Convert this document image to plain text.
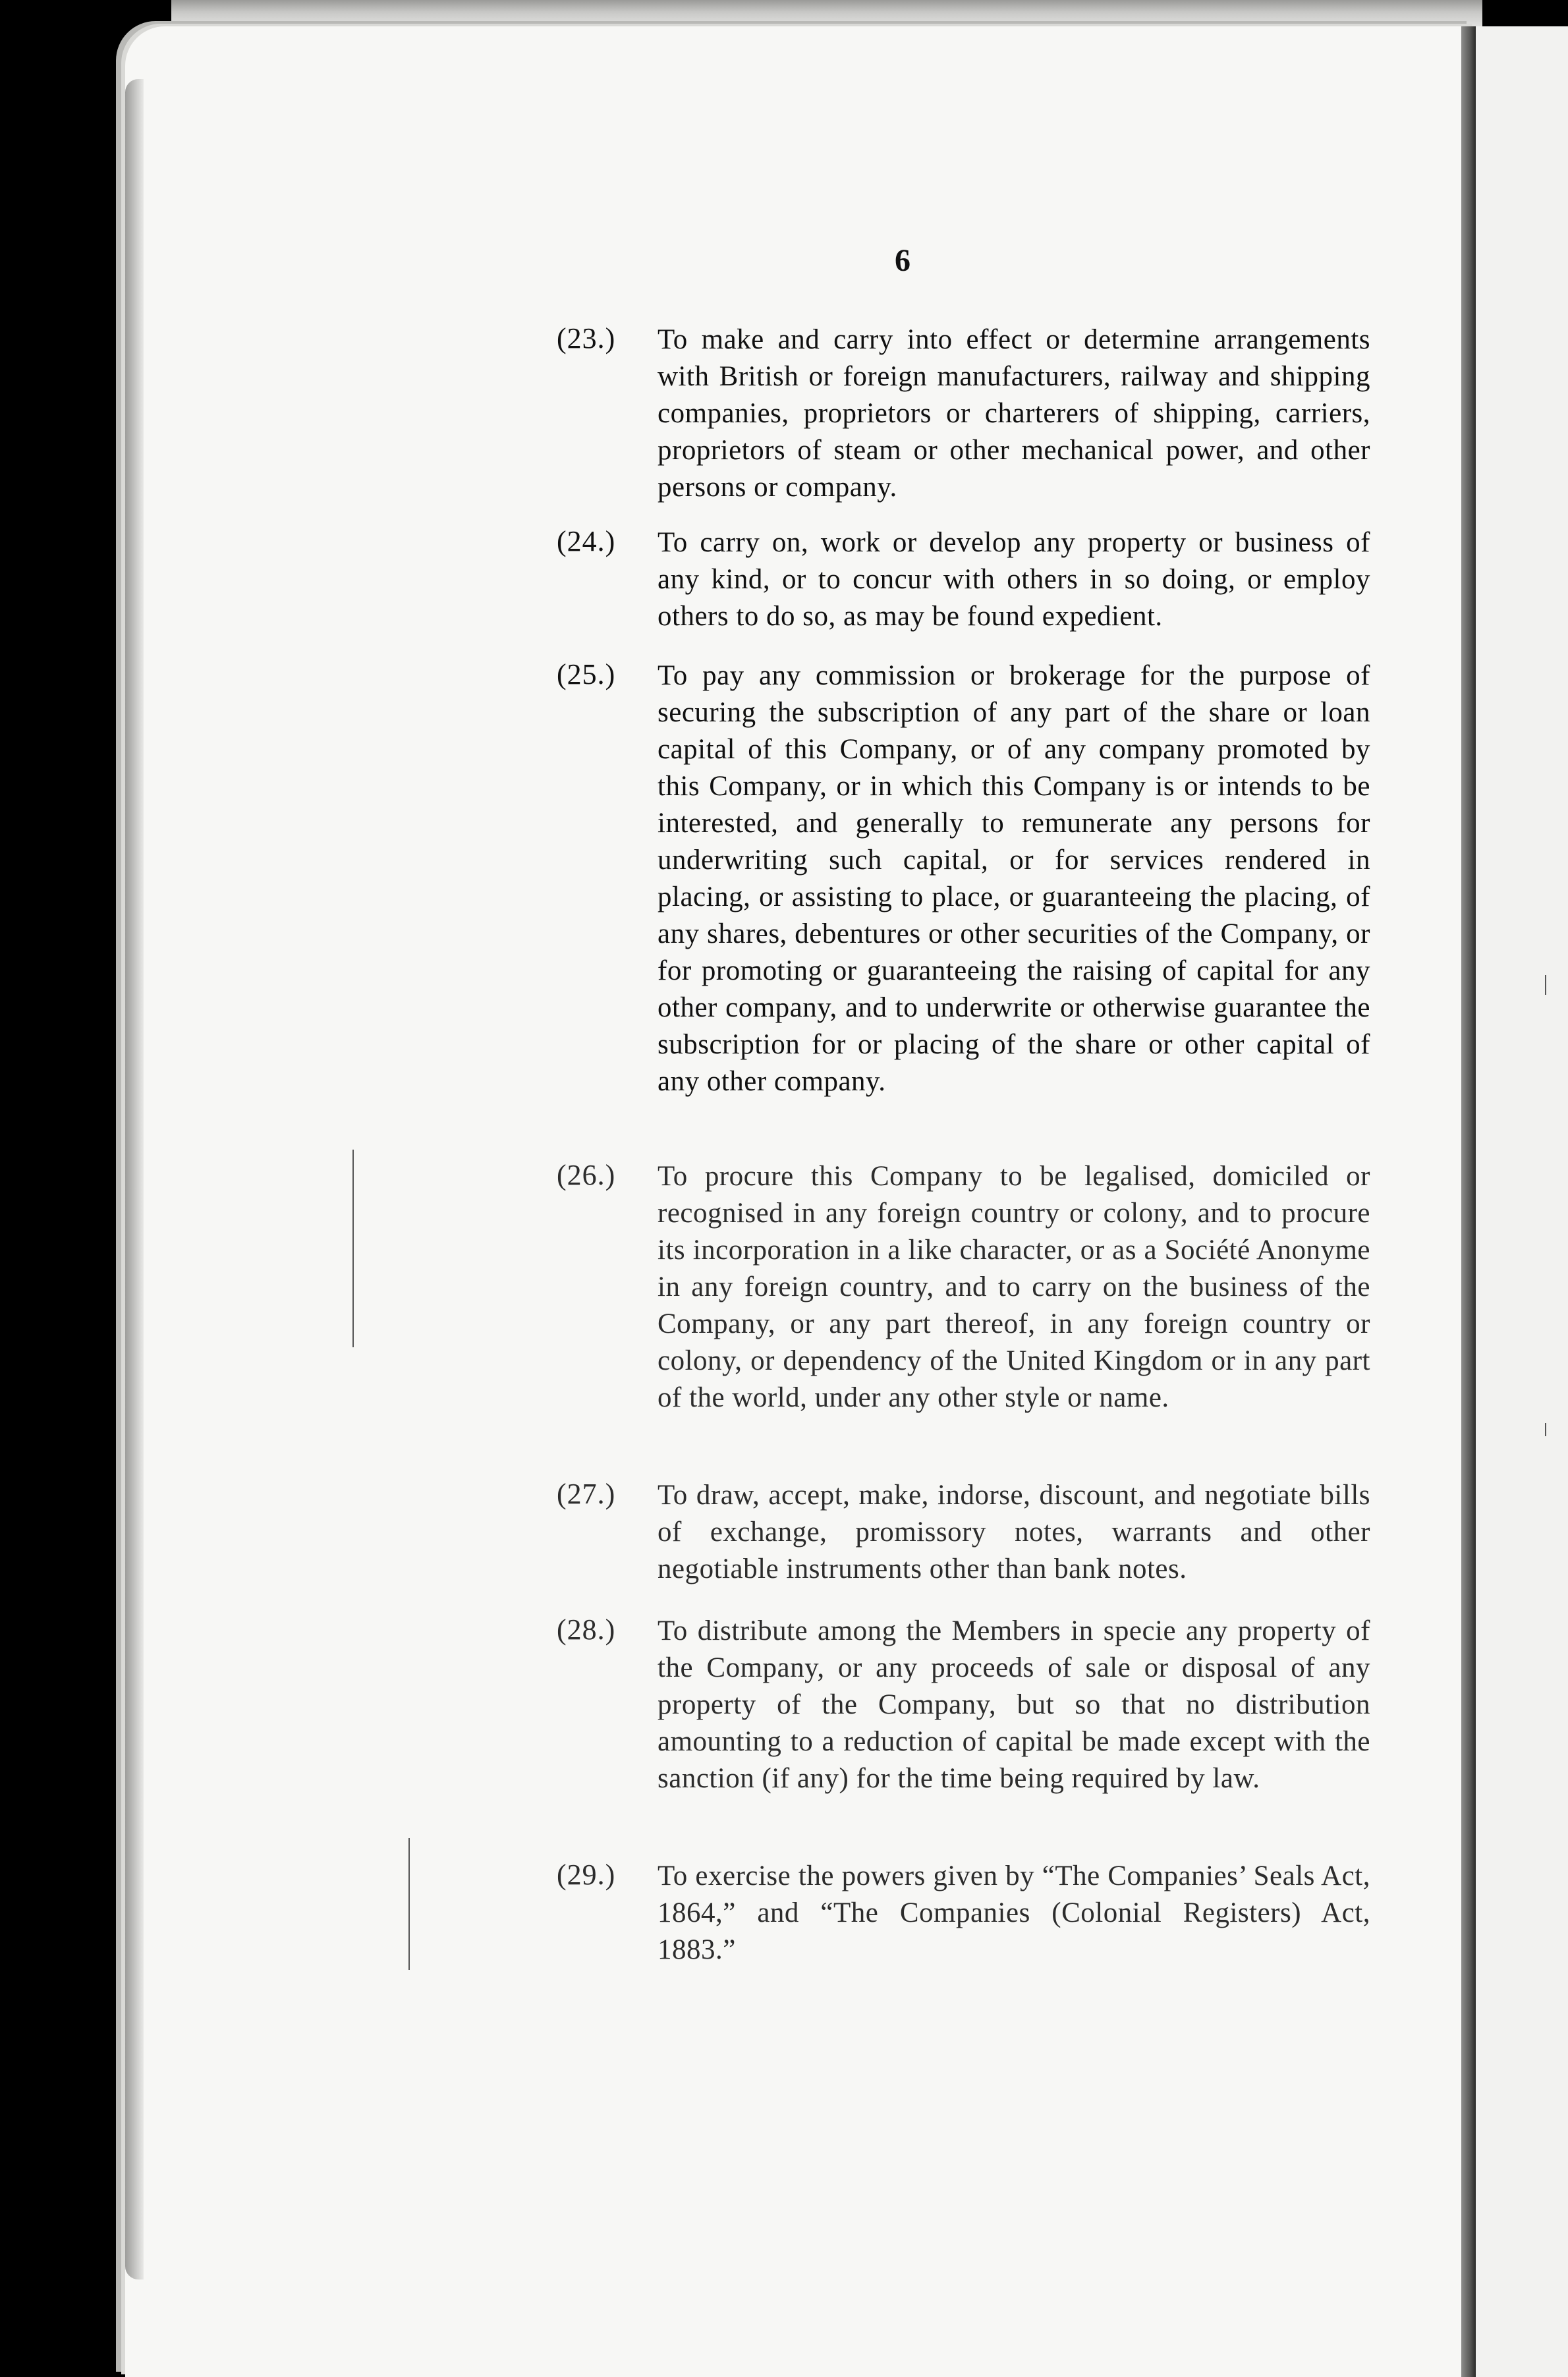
6
(23.) To make and carry into effect or determine arrangements with British or foreign manufacturers, railway and shipping companies, proprietors or charterers of shipping, carriers, proprietors of steam or other mechanical power, and other persons or company.
(24.) To carry on, work or develop any property or business of any kind, or to concur with others in so doing, or employ others to do so, as may be found expedient.
(25.) To pay any commission or brokerage for the purpose of securing the subscription of any part of the share or loan capital of this Company, or of any company promoted by this Company, or in which this Company is or intends to be interested, and generally to remunerate any persons for underwriting such capital, or for services rendered in placing, or assisting to place, or guaranteeing the placing, of any shares, debentures or other securities of the Company, or for promoting or guaranteeing the raising of capital for any other company, and to underwrite or otherwise guarantee the subscription for or placing of the share or other capital of any other company.
(26.) To procure this Company to be legalised, domiciled or recognised in any foreign country or colony, and to procure its incorporation in a like character, or as a Société Anonyme in any foreign country, and to carry on the business of the Company, or any part thereof, in any foreign country or colony, or dependency of the United Kingdom or in any part of the world, under any other style or name.
(27.) To draw, accept, make, indorse, discount, and negotiate bills of exchange, promissory notes, warrants and other negotiable instruments other than bank notes.
(28.) To distribute among the Members in specie any property of the Company, or any proceeds of sale or disposal of any property of the Company, but so that no distribution amounting to a reduction of capital be made except with the sanction (if any) for the time being required by law.
(29.) To exercise the powers given by “The Companies’ Seals Act, 1864,” and “The Companies (Colonial Registers) Act, 1883.”
